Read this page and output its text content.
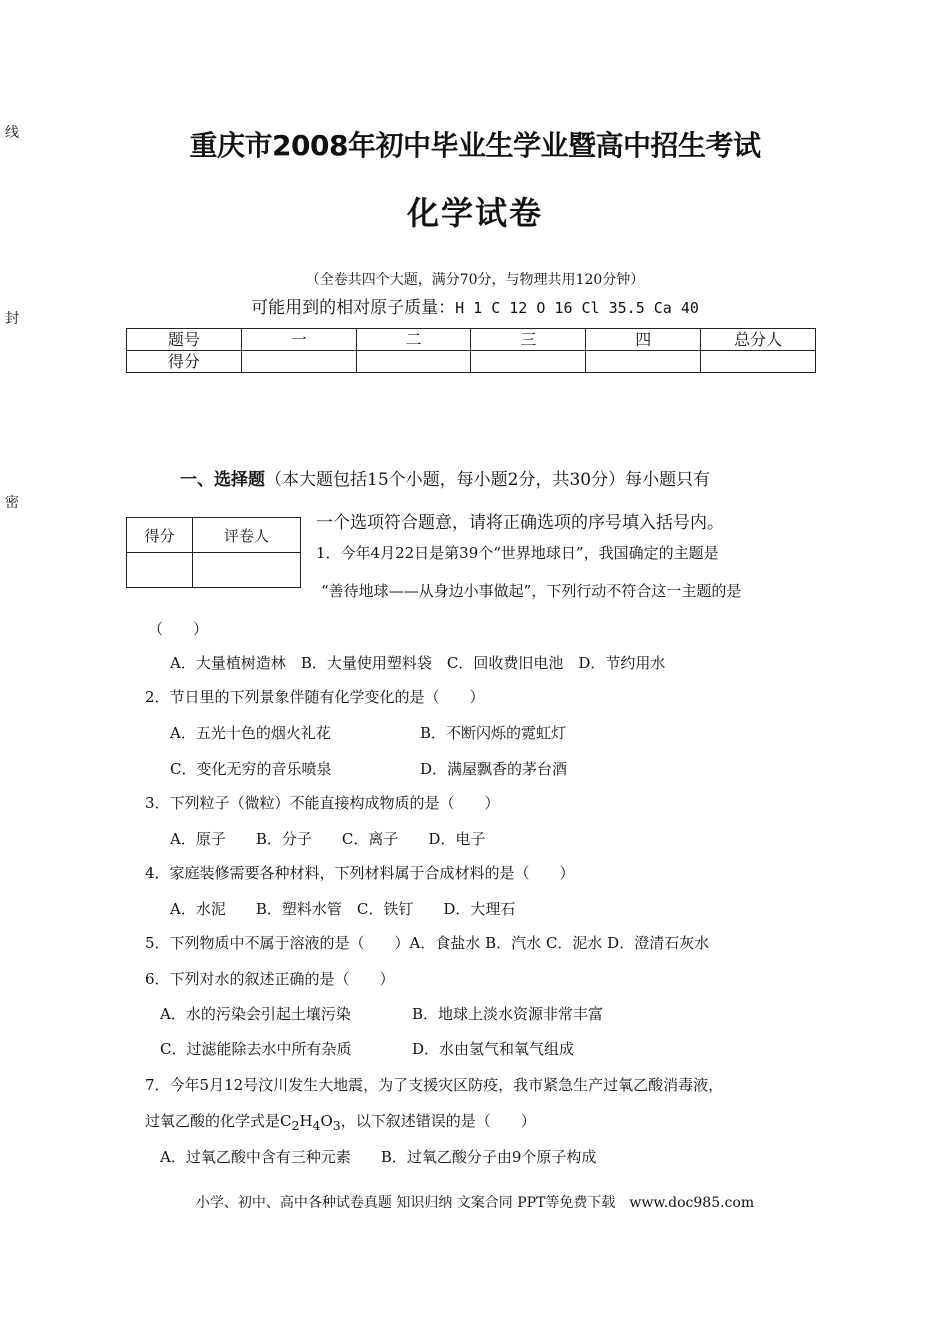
线
封
密
重庆市2008年初中毕业生学业暨高中招生考试
化学试卷
（全卷共四个大题，满分70分，与物理共用120分钟）
可能用到的相对原子质量：H 1 C 12 O 16 Cl 35.5 Ca 40
题号	一	二	三	四	总分人
得分					
一、选择题（本大题包括15个小题，每小题2分，共30分）每小题只有
一个选项符合题意，请将正确选项的序号填入括号内。
得分	评卷人

1．今年4月22日是第39个“世界地球日”，我国确定的主题是
“善待地球——从身边小事做起”，下列行动不符合这一主题的是
（　　）
A．大量植树造林　B．大量使用塑料袋　C．回收费旧电池　D．节约用水
2．节日里的下列景象伴随有化学变化的是（　　）
A．五光十色的烟火礼花	B．不断闪烁的霓虹灯
C．变化无穷的音乐喷泉	D．满屋飘香的茅台酒
3．下列粒子（微粒）不能直接构成物质的是（　　）
A．原子　　B．分子　　C．离子　　D．电子
4．家庭装修需要各种材料，下列材料属于合成材料的是（　　）
A．水泥　　B．塑料水管　C．铁钉　　D．大理石
5．下列物质中不属于溶液的是（　　）A．食盐水 B．汽水 C．泥水 D．澄清石灰水
6．下列对水的叙述正确的是（　　）
A．水的污染会引起土壤污染	B．地球上淡水资源非常丰富
C．过滤能除去水中所有杂质	D．水由氢气和氧气组成
7．今年5月12号汶川发生大地震，为了支援灾区防疫，我市紧急生产过氧乙酸消毒液，
过氧乙酸的化学式是$C_2H_4O_3$，以下叙述错误的是（　　）
A．过氧乙酸中含有三种元素　　B．过氧乙酸分子由9个原子构成
小学、初中、高中各种试卷真题 知识归纳 文案合同 PPT等免费下载　www.doc985.com
